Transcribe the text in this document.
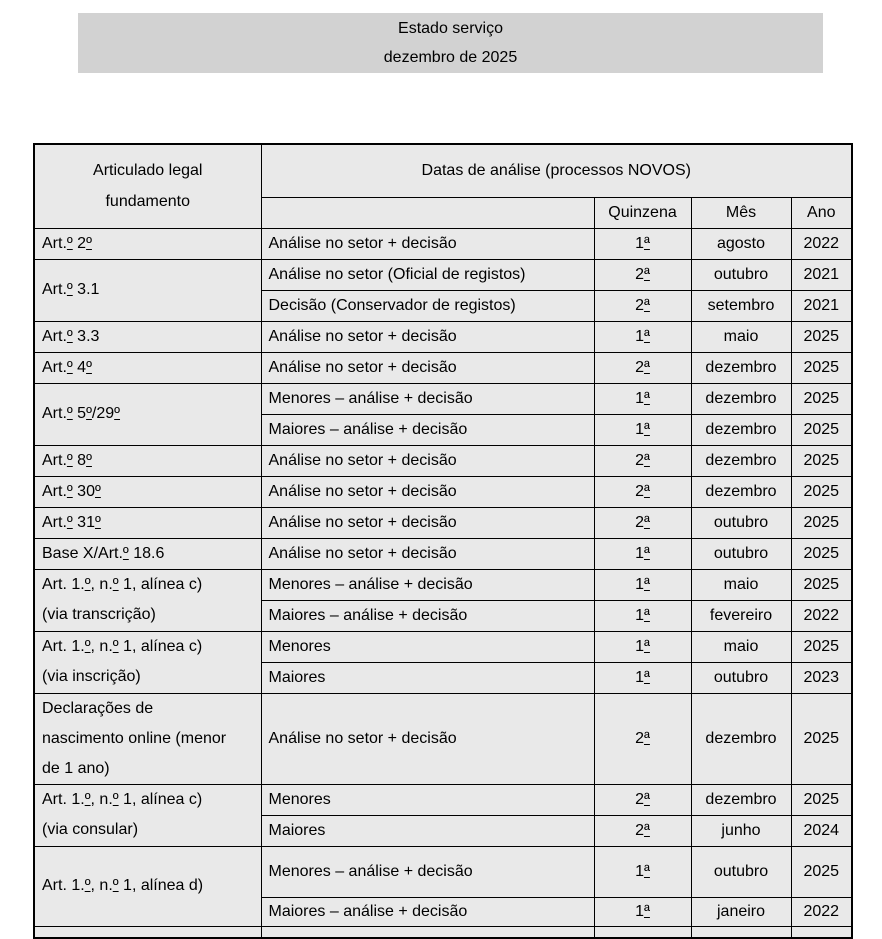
Estado serviço
dezembro de 2025
Articulado legal
fundamento	Datas de análise (processos NOVOS)			
		Quinzena	Mês	Ano

Art.º 2º	Análise no setor + decisão	1ª	agosto	2022

Art.º 3.1	Análise no setor (Oficial de registos)	2ª	outubro	2021
	Decisão (Conservador de registos)	2ª	setembro	2021

Art.º 3.3	Análise no setor + decisão	1ª	maio	2025

Art.º 4º	Análise no setor + decisão	2ª	dezembro	2025

Art.º 5º/29º	Menores – análise + decisão	1ª	dezembro	2025
	Maiores – análise + decisão	1ª	dezembro	2025

Art.º 8º	Análise no setor + decisão	2ª	dezembro	2025

Art.º 30º	Análise no setor + decisão	2ª	dezembro	2025

Art.º 31º	Análise no setor + decisão	2ª	outubro	2025

Base X/Art.º 18.6	Análise no setor + decisão	1ª	outubro	2025

Art. 1.º, n.º 1, alínea c)
(via transcrição)	Menores – análise + decisão	1ª	maio	2025
	Maiores – análise + decisão	1ª	fevereiro	2022

Art. 1.º, n.º 1, alínea c)
(via inscrição)	Menores	1ª	maio	2025
	Maiores	1ª	outubro	2023

Declarações de
nascimento online (menor
de 1 ano)	Análise no setor + decisão	2ª	dezembro	2025

Art. 1.º, n.º 1, alínea c)
(via consular)	Menores	2ª	dezembro	2025
	Maiores	2ª	junho	2024

Art. 1.º, n.º 1, alínea d)	Menores – análise + decisão	1ª	outubro	2025
	Maiores – análise + decisão	1ª	janeiro	2022
